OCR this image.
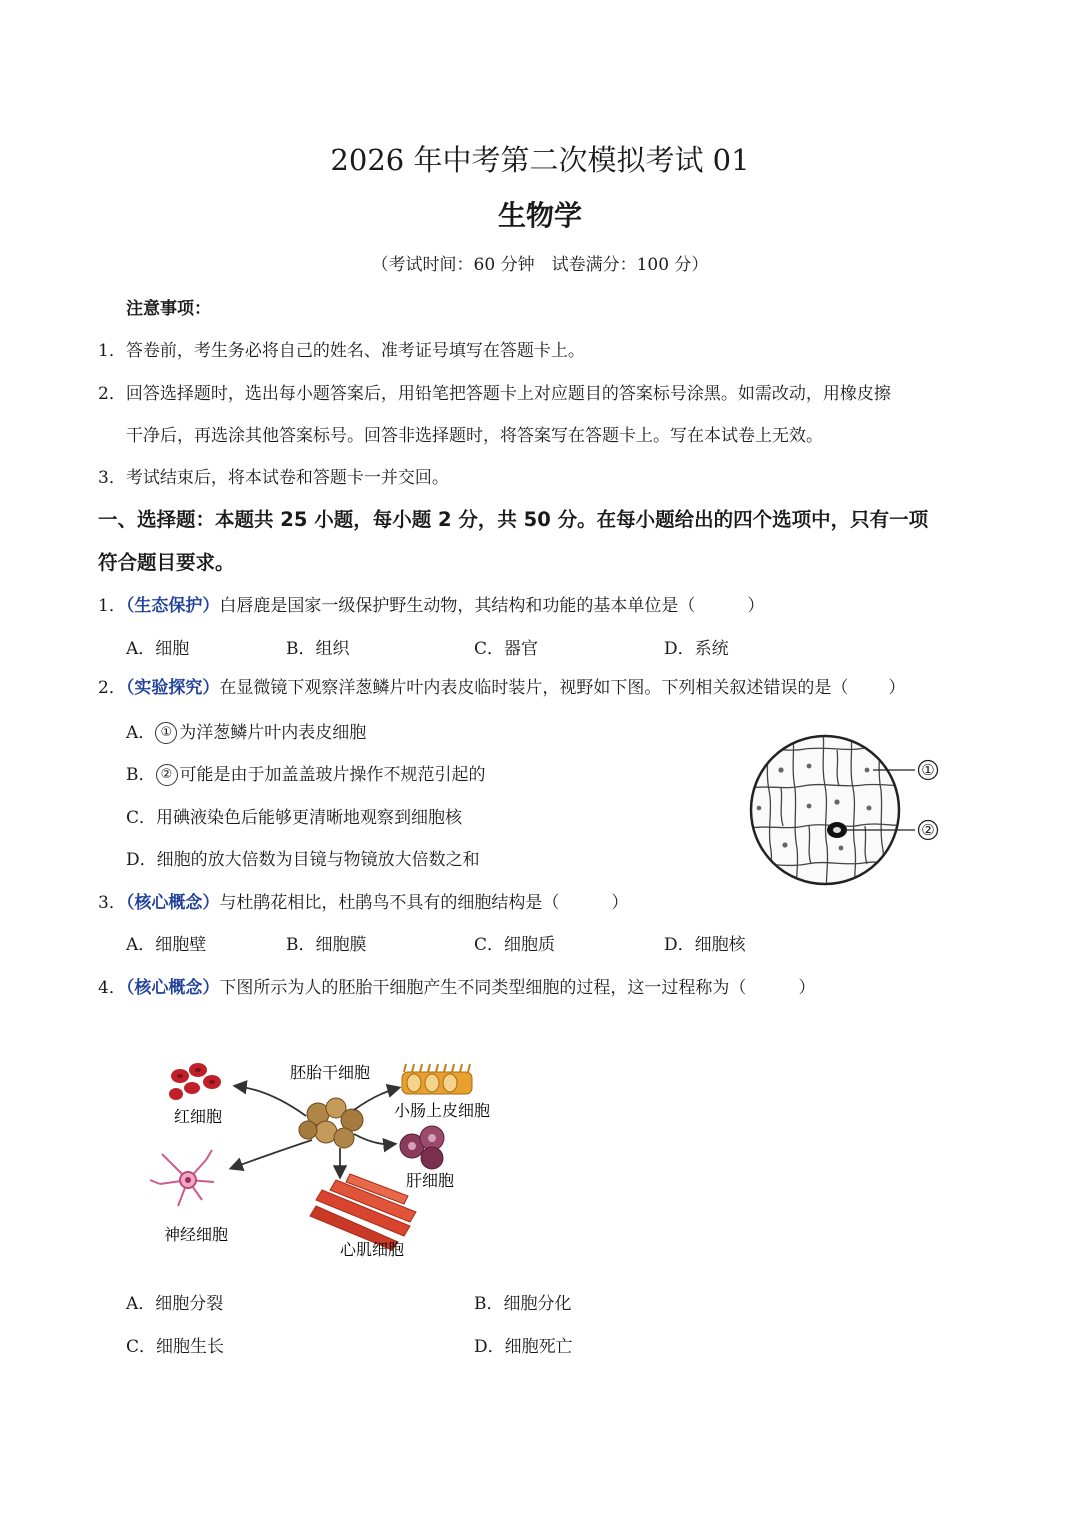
2026 年中考第二次模拟考试 01
生物学
（考试时间：60 分钟　试卷满分：100 分）
注意事项：
1．答卷前，考生务必将自己的姓名、准考证号填写在答题卡上。
2．回答选择题时，选出每小题答案后，用铅笔把答题卡上对应题目的答案标号涂黑。如需改动，用橡皮擦
干净后，再选涂其他答案标号。回答非选择题时，将答案写在答题卡上。写在本试卷上无效。
3．考试结束后，将本试卷和答题卡一并交回。
一、选择题：本题共 25 小题，每小题 2 分，共 50 分。在每小题给出的四个选项中，只有一项
符合题目要求。
1．（生态保护）白唇鹿是国家一级保护野生动物，其结构和功能的基本单位是（	）
A．细胞	B．组织	C．器官	D．系统
2．（实验探究）在显微镜下观察洋葱鳞片叶内表皮临时装片，视野如下图。下列相关叙述错误的是（ ）
A． ① 为洋葱鳞片叶内表皮细胞
B． ② 可能是由于加盖盖玻片操作不规范引起的
C．用碘液染色后能够更清晰地观察到细胞核
D．细胞的放大倍数为目镜与物镜放大倍数之和
①
②
3．（核心概念）与杜鹃花相比，杜鹃鸟不具有的细胞结构是（	）
A．细胞壁	B．细胞膜	C．细胞质	D．细胞核
4．（核心概念）下图所示为人的胚胎干细胞产生不同类型细胞的过程，这一过程称为（	）
胚胎干细胞
红细胞	小肠上皮细胞
肝细胞
神经细胞
心肌细胞
A．细胞分裂	B．细胞分化
C．细胞生长	D．细胞死亡
